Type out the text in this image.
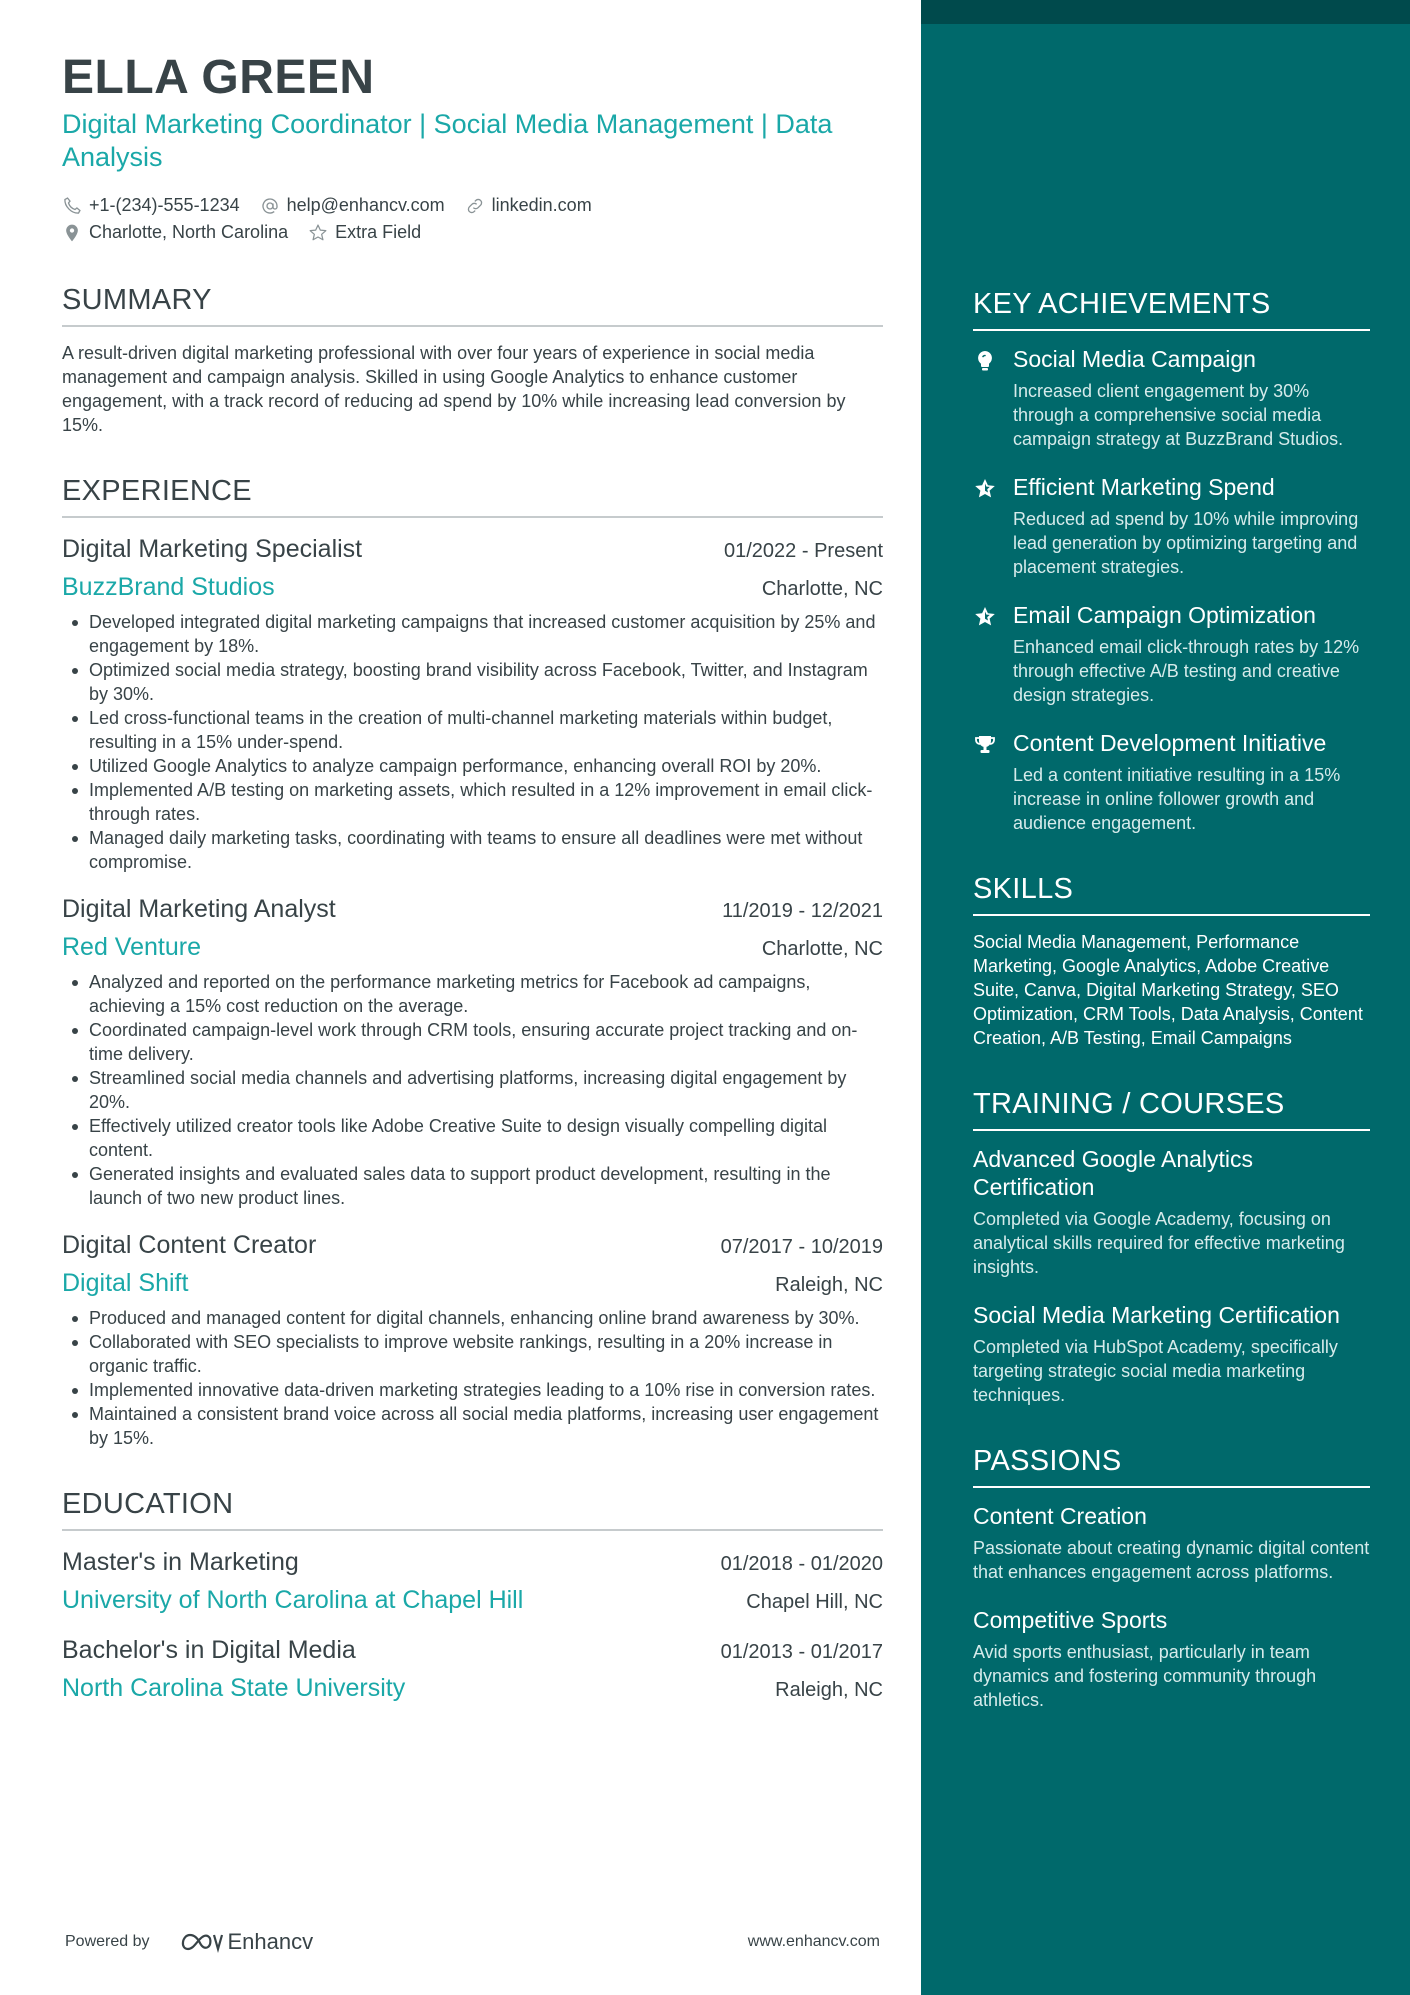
KEY ACHIEVEMENTS
Social Media Campaign
Increased client engagement by 30% through a comprehensive social media campaign strategy at BuzzBrand Studios.
Efficient Marketing Spend
Reduced ad spend by 10% while improving lead generation by optimizing targeting and placement strategies.
Email Campaign Optimization
Enhanced email click-through rates by 12% through effective A/B testing and creative design strategies.
Content Development Initiative
Led a content initiative resulting in a 15% increase in online follower growth and audience engagement.
SKILLS
Social Media Management, Performance Marketing, Google Analytics, Adobe Creative Suite, Canva, Digital Marketing Strategy, SEO Optimization, CRM Tools, Data Analysis, Content Creation, A/B Testing, Email Campaigns
TRAINING / COURSES
Advanced Google Analytics Certification
Completed via Google Academy, focusing on analytical skills required for effective marketing insights.
Social Media Marketing Certification
Completed via HubSpot Academy, specifically targeting strategic social media marketing techniques.
PASSIONS
Content Creation
Passionate about creating dynamic digital content that enhances engagement across platforms.
Competitive Sports
Avid sports enthusiast, particularly in team dynamics and fostering community through athletics.
ELLA GREEN
Digital Marketing Coordinator | Social Media Management | Data Analysis
+1-(234)-555-1234	help@enhancv.com	linkedin.com
Charlotte, North Carolina	Extra Field
SUMMARY
A result-driven digital marketing professional with over four years of experience in social media management and campaign analysis. Skilled in using Google Analytics to enhance customer engagement, with a track record of reducing ad spend by 10% while increasing lead conversion by 15%.
EXPERIENCE
Digital Marketing Specialist	01/2022 - Present
BuzzBrand Studios	Charlotte, NC
Developed integrated digital marketing campaigns that increased customer acquisition by 25% and engagement by 18%.
Optimized social media strategy, boosting brand visibility across Facebook, Twitter, and Instagram by 30%.
Led cross-functional teams in the creation of multi-channel marketing materials within budget, resulting in a 15% under-spend.
Utilized Google Analytics to analyze campaign performance, enhancing overall ROI by 20%.
Implemented A/B testing on marketing assets, which resulted in a 12% improvement in email click-through rates.
Managed daily marketing tasks, coordinating with teams to ensure all deadlines were met without compromise.
Digital Marketing Analyst	11/2019 - 12/2021
Red Venture	Charlotte, NC
Analyzed and reported on the performance marketing metrics for Facebook ad campaigns, achieving a 15% cost reduction on the average.
Coordinated campaign-level work through CRM tools, ensuring accurate project tracking and on-time delivery.
Streamlined social media channels and advertising platforms, increasing digital engagement by 20%.
Effectively utilized creator tools like Adobe Creative Suite to design visually compelling digital content.
Generated insights and evaluated sales data to support product development, resulting in the launch of two new product lines.
Digital Content Creator	07/2017 - 10/2019
Digital Shift	Raleigh, NC
Produced and managed content for digital channels, enhancing online brand awareness by 30%.
Collaborated with SEO specialists to improve website rankings, resulting in a 20% increase in organic traffic.
Implemented innovative data-driven marketing strategies leading to a 10% rise in conversion rates.
Maintained a consistent brand voice across all social media platforms, increasing user engagement by 15%.
EDUCATION
Master's in Marketing	01/2018 - 01/2020
University of North Carolina at Chapel Hill	Chapel Hill, NC
Bachelor's in Digital Media	01/2013 - 01/2017
North Carolina State University	Raleigh, NC
Powered by	Enhancv	www.enhancv.com
